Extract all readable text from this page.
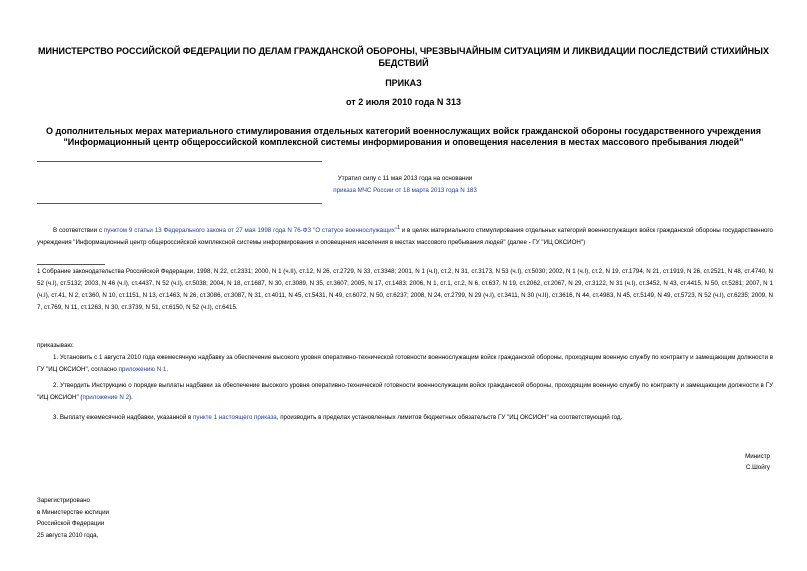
МИНИСТЕРСТВО РОССИЙСКОЙ ФЕДЕРАЦИИ ПО ДЕЛАМ ГРАЖДАНСКОЙ ОБОРОНЫ, ЧРЕЗВЫЧАЙНЫМ СИТУАЦИЯМ И ЛИКВИДАЦИИ ПОСЛЕДСТВИЙ СТИХИЙНЫХ БЕДСТВИЙ
ПРИКАЗ
от 2 июля 2010 года N 313
О дополнительных мерах материального стимулирования отдельных категорий военнослужащих войск гражданской обороны государственного учреждения "Информационный центр общероссийской комплексной системы информирования и оповещения населения в местах массового пребывания людей"
Утратил силу с 11 мая 2013 года на основании
приказа МЧС России от 18 марта 2013 года N 183
В соответствии с пунктом 9 статьи 13 Федерального закона от 27 мая 1998 года N 76-ФЗ "О статусе военнослужащих"$^1$ и в целях материального стимулирования отдельных категорий военнослужащих войск гражданской обороны государственного учреждения "Информационный центр общероссийской комплексной системы информирования и оповещения населения в местах массового пребывания людей" (далее - ГУ "ИЦ ОКСИОН")
1 Собрание законодательства Российской Федерации, 1998, N 22, ст.2331; 2000, N 1 (ч.II), ст.12, N 26, ст.2729, N 33, ст.3348; 2001, N 1 (ч.I), ст.2, N 31, ст.3173, N 53 (ч.I), ст.5030; 2002, N 1 (ч.I), ст.2, N 19, ст.1794, N 21, ст.1919, N 26, ст.2521, N 48, ст.4740, N 52 (ч.I), ст.5132; 2003, N 46 (ч.I), ст.4437, N 52 (ч.I), ст.5038; 2004, N 18, ст.1687, N 30, ст.3089, N 35, ст.3607; 2005, N 17, ст.1483; 2006, N 1, ст.1, ст.2, N 6, ст.637, N 19, ст.2062, ст.2067, N 29, ст.3122, N 31 (ч.I), ст.3452, N 43, ст.4415, N 50, ст.5281; 2007, N 1 (ч.I), ст.41, N 2, ст.360, N 10, ст.1151, N 13, ст.1463, N 26, ст.3086, ст.3087, N 31, ст.4011, N 45, ст.5431, N 49, ст.6072, N 50, ст.6237; 2008, N 24, ст.2799, N 29 (ч.I), ст.3411, N 30 (ч.II), ст.3616, N 44, ст.4983, N 45, ст.5149, N 49, ст.5723, N 52 (ч.I), ст.6235; 2009, N 7, ст.769, N 11, ст.1263, N 30, ст.3739, N 51, ст.6150, N 52 (ч.I), ст.6415.
приказываю:
1. Установить с 1 августа 2010 года ежемесячную надбавку за обеспечение высокого уровня оперативно-технической готовности военнослужащим войск гражданской обороны, проходящим военную службу по контракту и замещающим должности в ГУ "ИЦ ОКСИОН", согласно приложению N 1.
2. Утвердить Инструкцию о порядке выплаты надбавки за обеспечение высокого уровня оперативно-технической готовности военнослужащим войск гражданской обороны, проходящим военную службу по контракту и замещающим должности в ГУ "ИЦ ОКСИОН" (приложение N 2).
3. Выплату ежемесячной надбавки, указанной в пункте 1 настоящего приказа, производить в пределах установленных лимитов бюджетных обязательств ГУ "ИЦ ОКСИОН" на соответствующий год.
Министр
С.Шойгу
Зарегистрировано
в Министерстве юстиции
Российской Федерации
25 августа 2010 года,
